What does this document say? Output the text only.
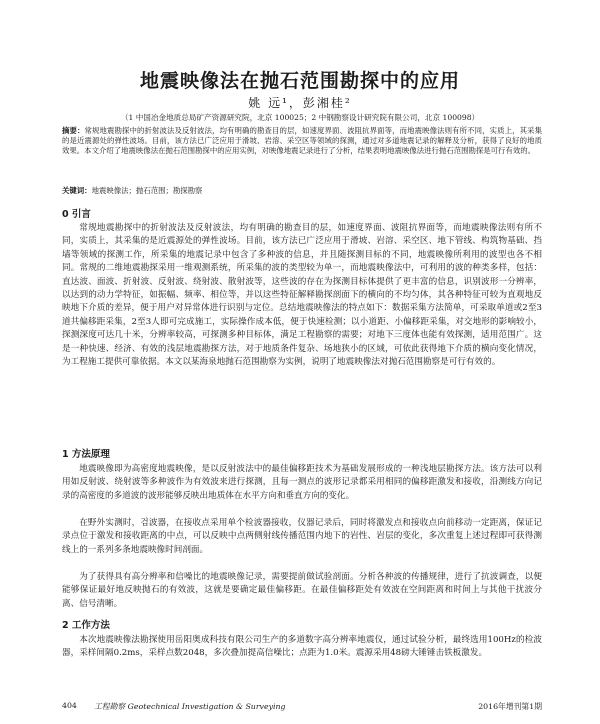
地震映像法在抛石范围勘探中的应用
姚 远¹，彭湘桂²
（1 中国冶金地质总局矿产资源研究院，北京 100025；2 中钢勘察设计研究院有限公司，北京 100098）
摘要：常规地震勘探中的折射波法及反射波法，均有明确的勘查目的层，如速度界面、波阻抗界面等，而地震映像法则有所不同，实质上，其采集的是近震源处的弹性波场。目前，该方法已广泛应用于滑坡、岩溶、采空区等领域的探测，通过对多道地震记录的解释及分析，获得了良好的地质效果。本文介绍了地震映像法在抛石范围勘探中的应用实例，对映像地震记录进行了分析，结果表明地震映像法进行抛石范围勘探是可行有效的。
关键词：地震映像法；抛石范围；勘探勘察
0 引言
常规地震勘探中的折射波法及反射波法，均有明确的勘查目的层，如速度界面、波阻抗界面等，而地震映像法则有所不同，实质上，其采集的是近震源处的弹性波场。目前，该方法已广泛应用于滑坡、岩溶、采空区、地下管线、构筑物基础、挡墙等领域的探测工作，所采集的地震记录中包含了多种波的信息，并且随探测目标的不同，地震映像所利用的波型也各不相同。常规的二维地震勘探采用一维观测系统，所采集的波的类型较为单一，而地震映像法中，可利用的波的种类多样，包括：直达波、面波、折射波、反射波、绕射波、散射波等，这些波的存在为探测目标体提供了更丰富的信息，识别波形一分辨率，以达到的动力学特征，如振幅、频率、相位等，并以这些特征解释勘探剖面下的横向的不均匀体，其各种特征可较为直观地反映地下介质的差异，便于用户对异常体进行识别与定位。总结地震映像法的特点如下：数据采集方法简单，可采取单道或2至3道共偏移距采集，2至3人即可完成施工，实际操作成本低，便于快速检测；以小道距、小偏移距采集，对交地形的影响较小，探测深度可达几十米，分辨率较高，可探测多种目标体，满足工程勘察的需要；对地下三度体也能有效探测，适用范围广。这是一种快速、经济、有效的浅层地震勘探方法，对于地质条件复杂、场地狭小的区域，可依此获得地下介质的横向变化情况，为工程施工提供可靠依据。本文以某海泉地抛石范围勘察为实例，说明了地震映像法对抛石范围勘察是可行有效的。
1 方法原理
地震映像即为高密度地震映像，是以反射波法中的最佳偏移距技术为基础发展形成的一种浅地层勘探方法。该方法可以利用如反射波、绕射波等多种波作为有效波来进行探测，且每一测点的波形记录都采用相同的偏移距激发和接收，沿测线方向记录的高密度的多道波的波形能够反映出地质体在水平方向和垂直方向的变化。
在野外实测时，검波器，在接收点采用单个检波器接收，仪器记录后，同时将激发点和接收点向前移动一定距离，保证记录点位于激发和接收距离的中点，可以反映中点两侧射线传播范围内地下的岩性、岩层的变化，多次重复上述过程即可获得测线上的一系列多条地震映像时间剖面。
为了获得具有高分辨率和信噪比的地震映像记录，需要提前做试验剖面。分析各种波的传播规律，进行了抗波调查，以便能够保证最好地反映抛石的有效波，这就是要确定最佳偏移距。在最佳偏移距处有效波在空间距离和时间上与其他干扰波分离、信号清晰。
2 工作方法
本次地震映像法勘探使用岳阳奥成科技有限公司生产的多道数字高分辨率地震仪，通过试验分析，最终选用100Hz的检波器，采样间隔0.2ms，采样点数2048，多次叠加提高信噪比；点距为1.0米。震源采用48磅大锤锤击铁板激发。
404 工程勘察 Geotechnical Investigation & Surveying	2016年增刊第1期
